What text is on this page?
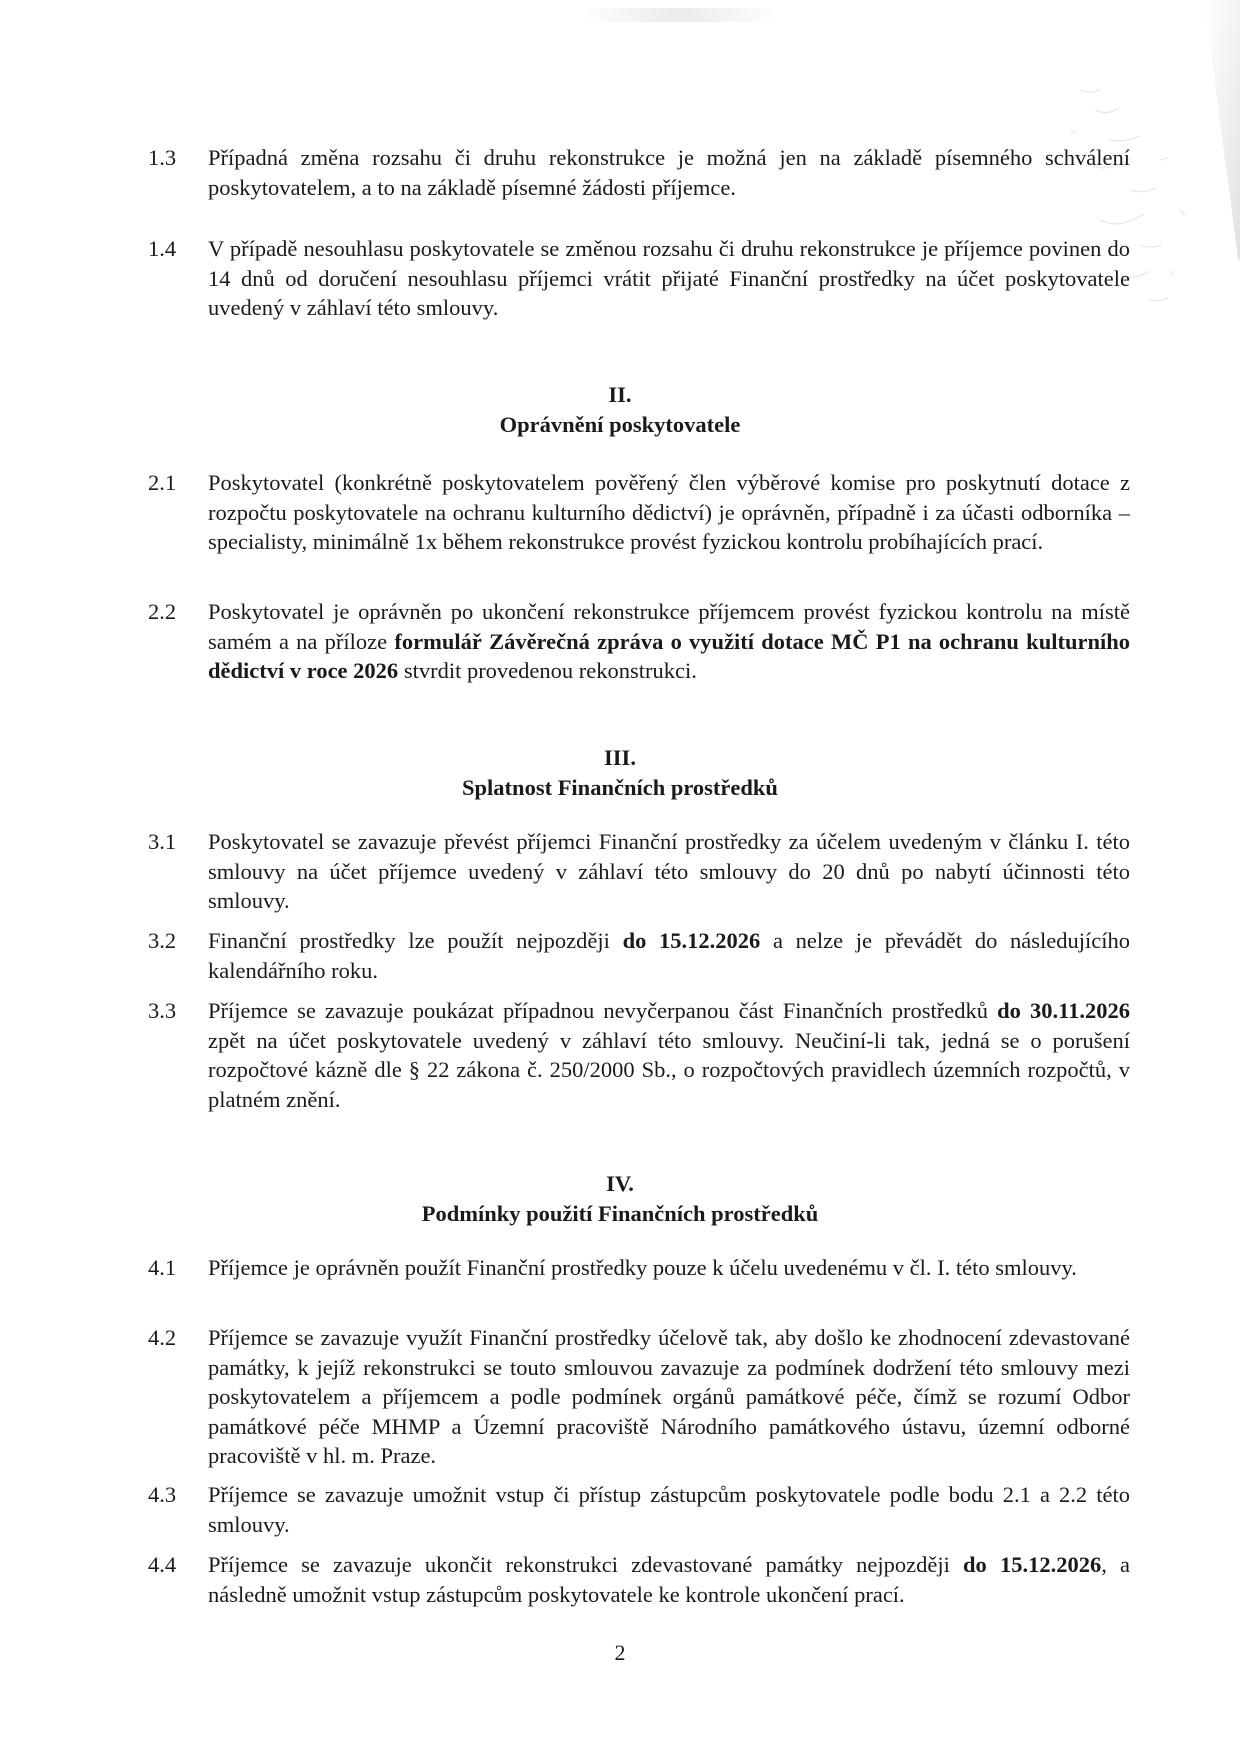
1.3	Případná změna rozsahu či druhu rekonstrukce je možná jen na základě písemného schválení poskytovatelem, a to na základě písemné žádosti příjemce.
1.4	V případě nesouhlasu poskytovatele se změnou rozsahu či druhu rekonstrukce je příjemce povinen do 14 dnů od doručení nesouhlasu příjemci vrátit přijaté Finanční prostředky na účet poskytovatele uvedený v záhlaví této smlouvy.
II.
Oprávnění poskytovatele
2.1	Poskytovatel (konkrétně poskytovatelem pověřený člen výběrové komise pro poskytnutí dotace z rozpočtu poskytovatele na ochranu kulturního dědictví) je oprávněn, případně i za účasti odborníka – specialisty, minimálně 1x během rekonstrukce provést fyzickou kontrolu probíhajících prací.
2.2	Poskytovatel je oprávněn po ukončení rekonstrukce příjemcem provést fyzickou kontrolu na místě samém a na příloze formulář Závěrečná zpráva o využití dotace MČ P1 na ochranu kulturního dědictví v roce 2026 stvrdit provedenou rekonstrukci.
III.
Splatnost Finančních prostředků
3.1	Poskytovatel se zavazuje převést příjemci Finanční prostředky za účelem uvedeným v článku I. této smlouvy na účet příjemce uvedený v záhlaví této smlouvy do 20 dnů po nabytí účinnosti této smlouvy.
3.2	Finanční prostředky lze použít nejpozději do 15.12.2026 a nelze je převádět do následujícího kalendářního roku.
3.3	Příjemce se zavazuje poukázat případnou nevyčerpanou část Finančních prostředků do 30.11.2026 zpět na účet poskytovatele uvedený v záhlaví této smlouvy. Neučiní-li tak, jedná se o porušení rozpočtové kázně dle § 22 zákona č. 250/2000 Sb., o rozpočtových pravidlech územních rozpočtů, v platném znění.
IV.
Podmínky použití Finančních prostředků
4.1	Příjemce je oprávněn použít Finanční prostředky pouze k účelu uvedenému v čl. I. této smlouvy.
4.2	Příjemce se zavazuje využít Finanční prostředky účelově tak, aby došlo ke zhodnocení zdevastované památky, k jejíž rekonstrukci se touto smlouvou zavazuje za podmínek dodržení této smlouvy mezi poskytovatelem a příjemcem a podle podmínek orgánů památkové péče, čímž se rozumí Odbor památkové péče MHMP a Územní pracoviště Národního památkového ústavu, územní odborné pracoviště v hl. m. Praze.
4.3	Příjemce se zavazuje umožnit vstup či přístup zástupcům poskytovatele podle bodu 2.1 a 2.2 této smlouvy.
4.4	Příjemce se zavazuje ukončit rekonstrukci zdevastované památky nejpozději do 15.12.2026, a následně umožnit vstup zástupcům poskytovatele ke kontrole ukončení prací.
2
